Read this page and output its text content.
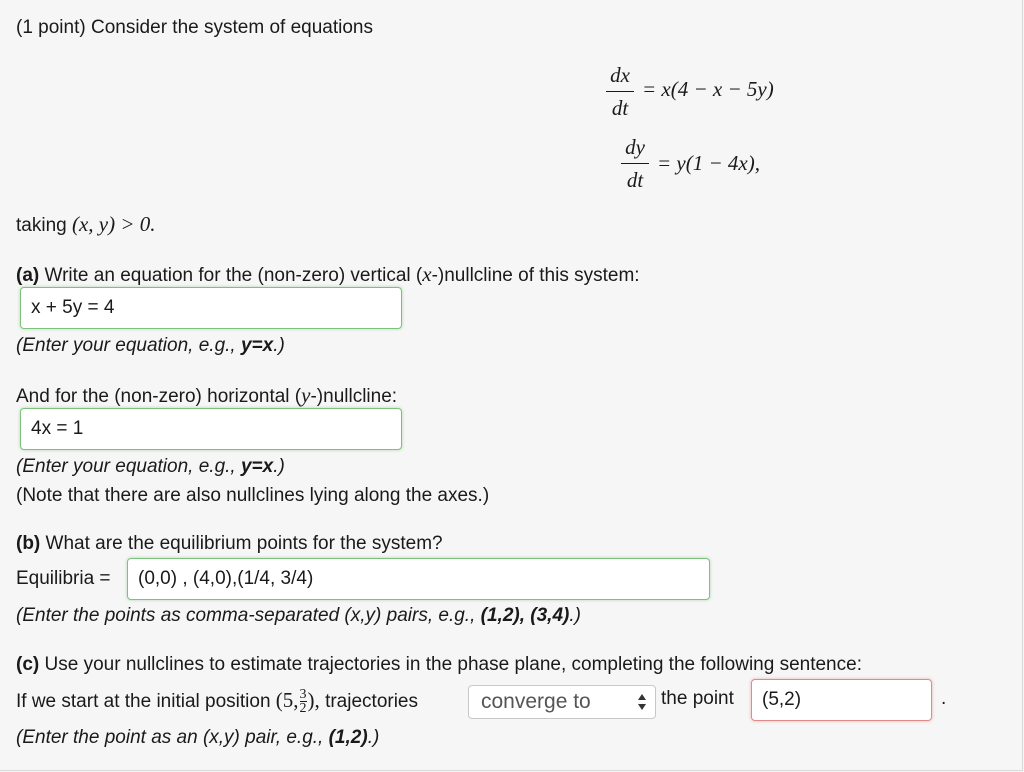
(1 point) Consider the system of equations
dx
dt
= x(4 − x − 5y)
dy
dt
= y(1 − 4x),
taking (x, y) > 0.
(a) Write an equation for the (non-zero) vertical (x-)nullcline of this system:
x + 5y = 4
(Enter your equation, e.g., y=x.)
And for the (non-zero) horizontal (y-)nullcline:
4x = 1
(Enter your equation, e.g., y=x.)
(Note that there are also nullclines lying along the axes.)
(b) What are the equilibrium points for the system?
Equilibria =	(0,0) , (4,0),(1/4, 3/4)
(Enter the points as comma-separated (x,y) pairs, e.g., (1,2), (3,4).)
(c) Use your nullclines to estimate trajectories in the phase plane, completing the following sentence:
If we start at the initial position $(5,\frac{3}{2})$, trajectories	converge to	the point	(5,2)	.
(Enter the point as an (x,y) pair, e.g., (1,2).)
